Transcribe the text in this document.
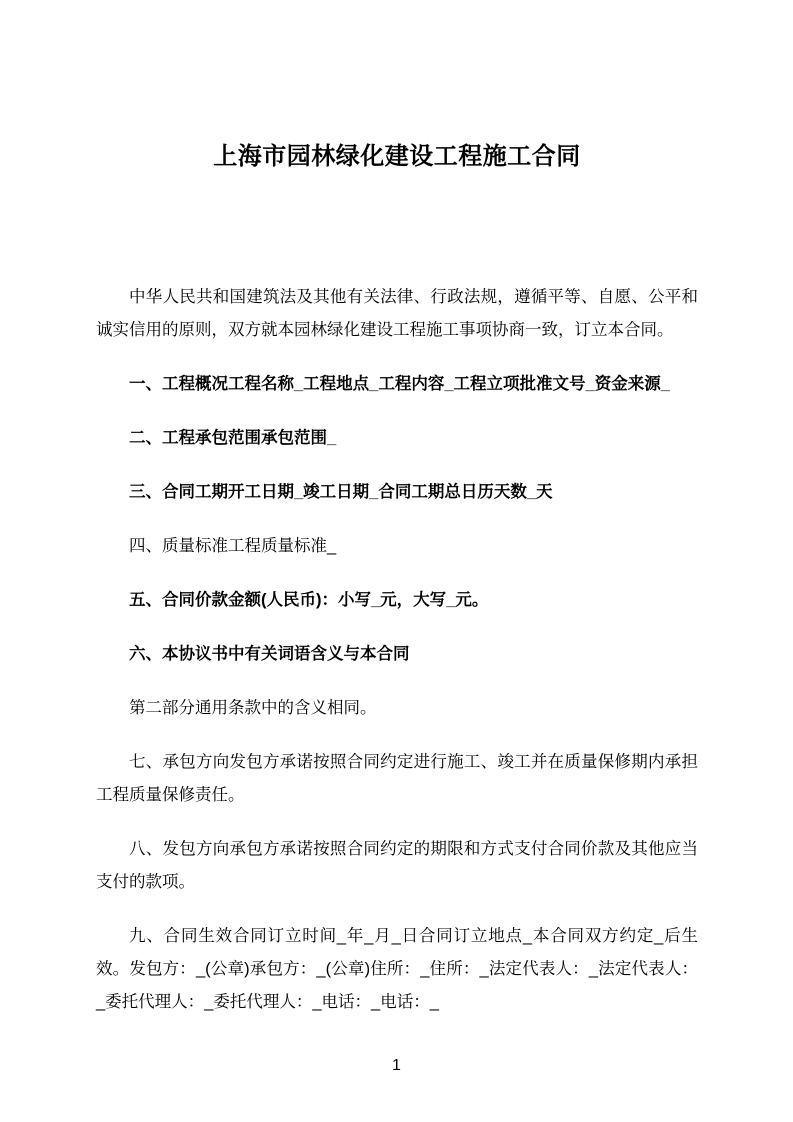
上海市园林绿化建设工程施工合同

中华人民共和国建筑法及其他有关法律、行政法规，遵循平等、自愿、公平和诚实信用的原则，双方就本园林绿化建设工程施工事项协商一致，订立本合同。

一、工程概况工程名称_工程地点_工程内容_工程立项批准文号_资金来源_

二、工程承包范围承包范围_

三、合同工期开工日期_竣工日期_合同工期总日历天数_天

四、质量标准工程质量标准_

五、合同价款金额(人民币)：小写_元，大写_元。

六、本协议书中有关词语含义与本合同

第二部分通用条款中的含义相同。

七、承包方向发包方承诺按照合同约定进行施工、竣工并在质量保修期内承担工程质量保修责任。

八、发包方向承包方承诺按照合同约定的期限和方式支付合同价款及其他应当支付的款项。

九、合同生效合同订立时间_年_月_日合同订立地点_本合同双方约定_后生效。发包方：_(公章)承包方：_(公章)住所：_住所：_法定代表人：_法定代表人：_委托代理人：_委托代理人：_电话：_电话：_

1
